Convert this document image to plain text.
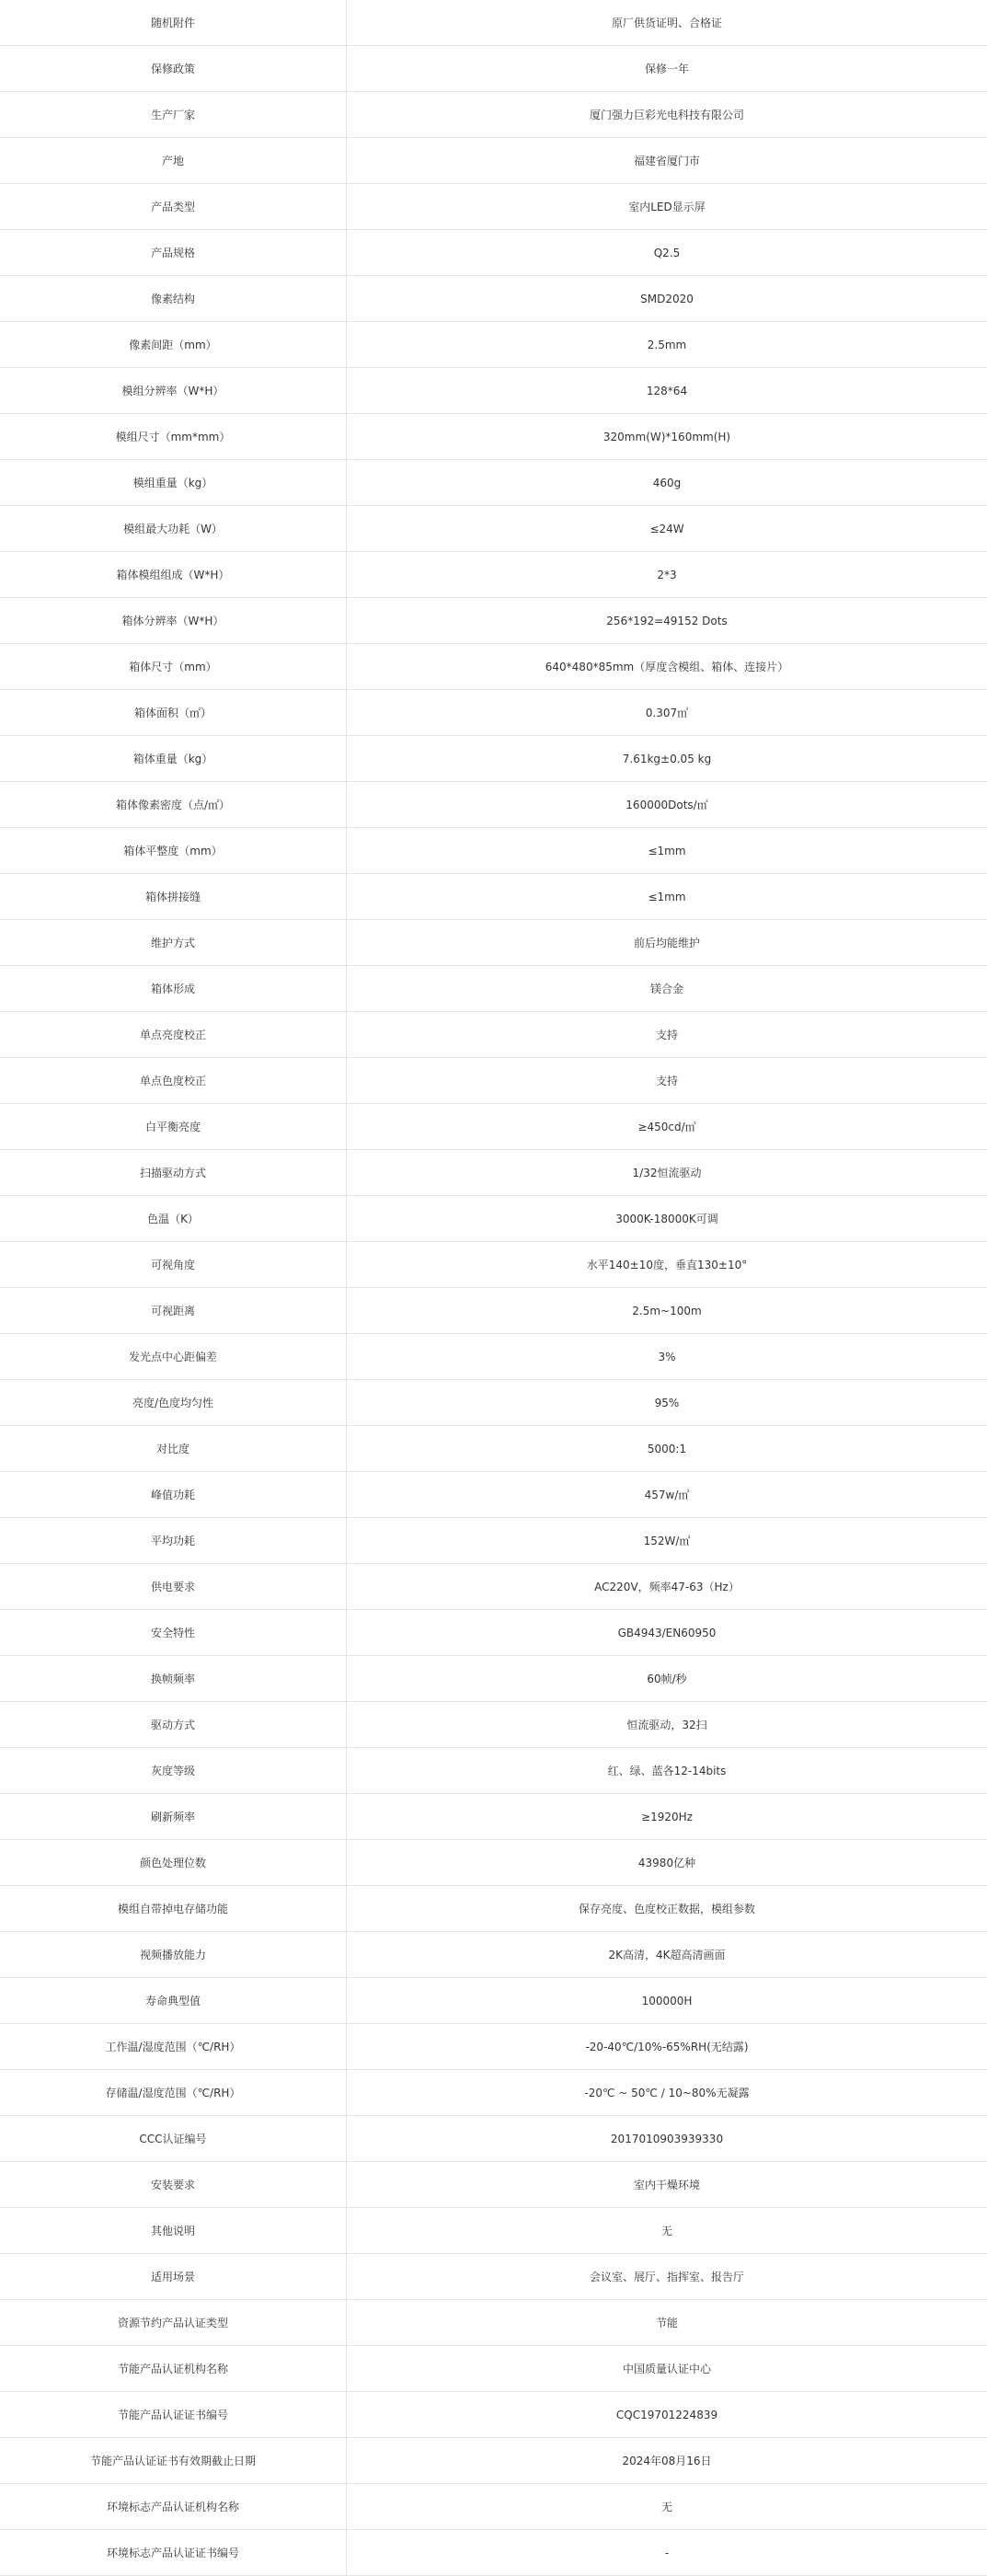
随机附件	原厂供货证明、合格证
保修政策	保修一年
生产厂家	厦门强力巨彩光电科技有限公司
产地	福建省厦门市
产品类型	室内LED显示屏
产品规格	Q2.5
像素结构	SMD2020
像素间距（mm）	2.5mm
模组分辨率（W*H）	128*64
模组尺寸（mm*mm）	320mm(W)*160mm(H)
模组重量（kg）	460g
模组最大功耗（W）	≤24W
箱体模组组成（W*H）	2*3
箱体分辨率（W*H）	256*192=49152 Dots
箱体尺寸（mm）	640*480*85mm（厚度含模组、箱体、连接片）
箱体面积（㎡）	0.307㎡
箱体重量（kg）	7.61kg±0.05 kg
箱体像素密度（点/㎡）	160000Dots/㎡
箱体平整度（mm）	≤1mm
箱体拼接缝	≤1mm
维护方式	前后均能维护
箱体形成	镁合金
单点亮度校正	支持
单点色度校正	支持
白平衡亮度	≥450cd/㎡
扫描驱动方式	1/32恒流驱动
色温（K）	3000K-18000K可调
可视角度	水平140±10度，垂直130±10°
可视距离	2.5m~100m
发光点中心距偏差	3%
亮度/色度均匀性	95%
对比度	5000:1
峰值功耗	457w/㎡
平均功耗	152W/㎡
供电要求	AC220V，频率47-63（Hz）
安全特性	GB4943/EN60950
换帧频率	60帧/秒
驱动方式	恒流驱动，32扫
灰度等级	红、绿、蓝各12-14bits
刷新频率	≥1920Hz
颜色处理位数	43980亿种
模组自带掉电存储功能	保存亮度、色度校正数据，模组参数
视频播放能力	2K高清，4K超高清画面
寿命典型值	100000H
工作温/湿度范围（℃/RH）	-20-40℃/10%-65%RH(无结露)
存储温/湿度范围（℃/RH）	-20℃ ~ 50℃ / 10~80%无凝露
CCC认证编号	2017010903939330
安装要求	室内干燥环境
其他说明	无
适用场景	会议室、展厅、指挥室、报告厅
资源节约产品认证类型	节能
节能产品认证机构名称	中国质量认证中心
节能产品认证证书编号	CQC19701224839
节能产品认证证书有效期截止日期	2024年08月16日
环境标志产品认证机构名称	无
环境标志产品认证证书编号	-
